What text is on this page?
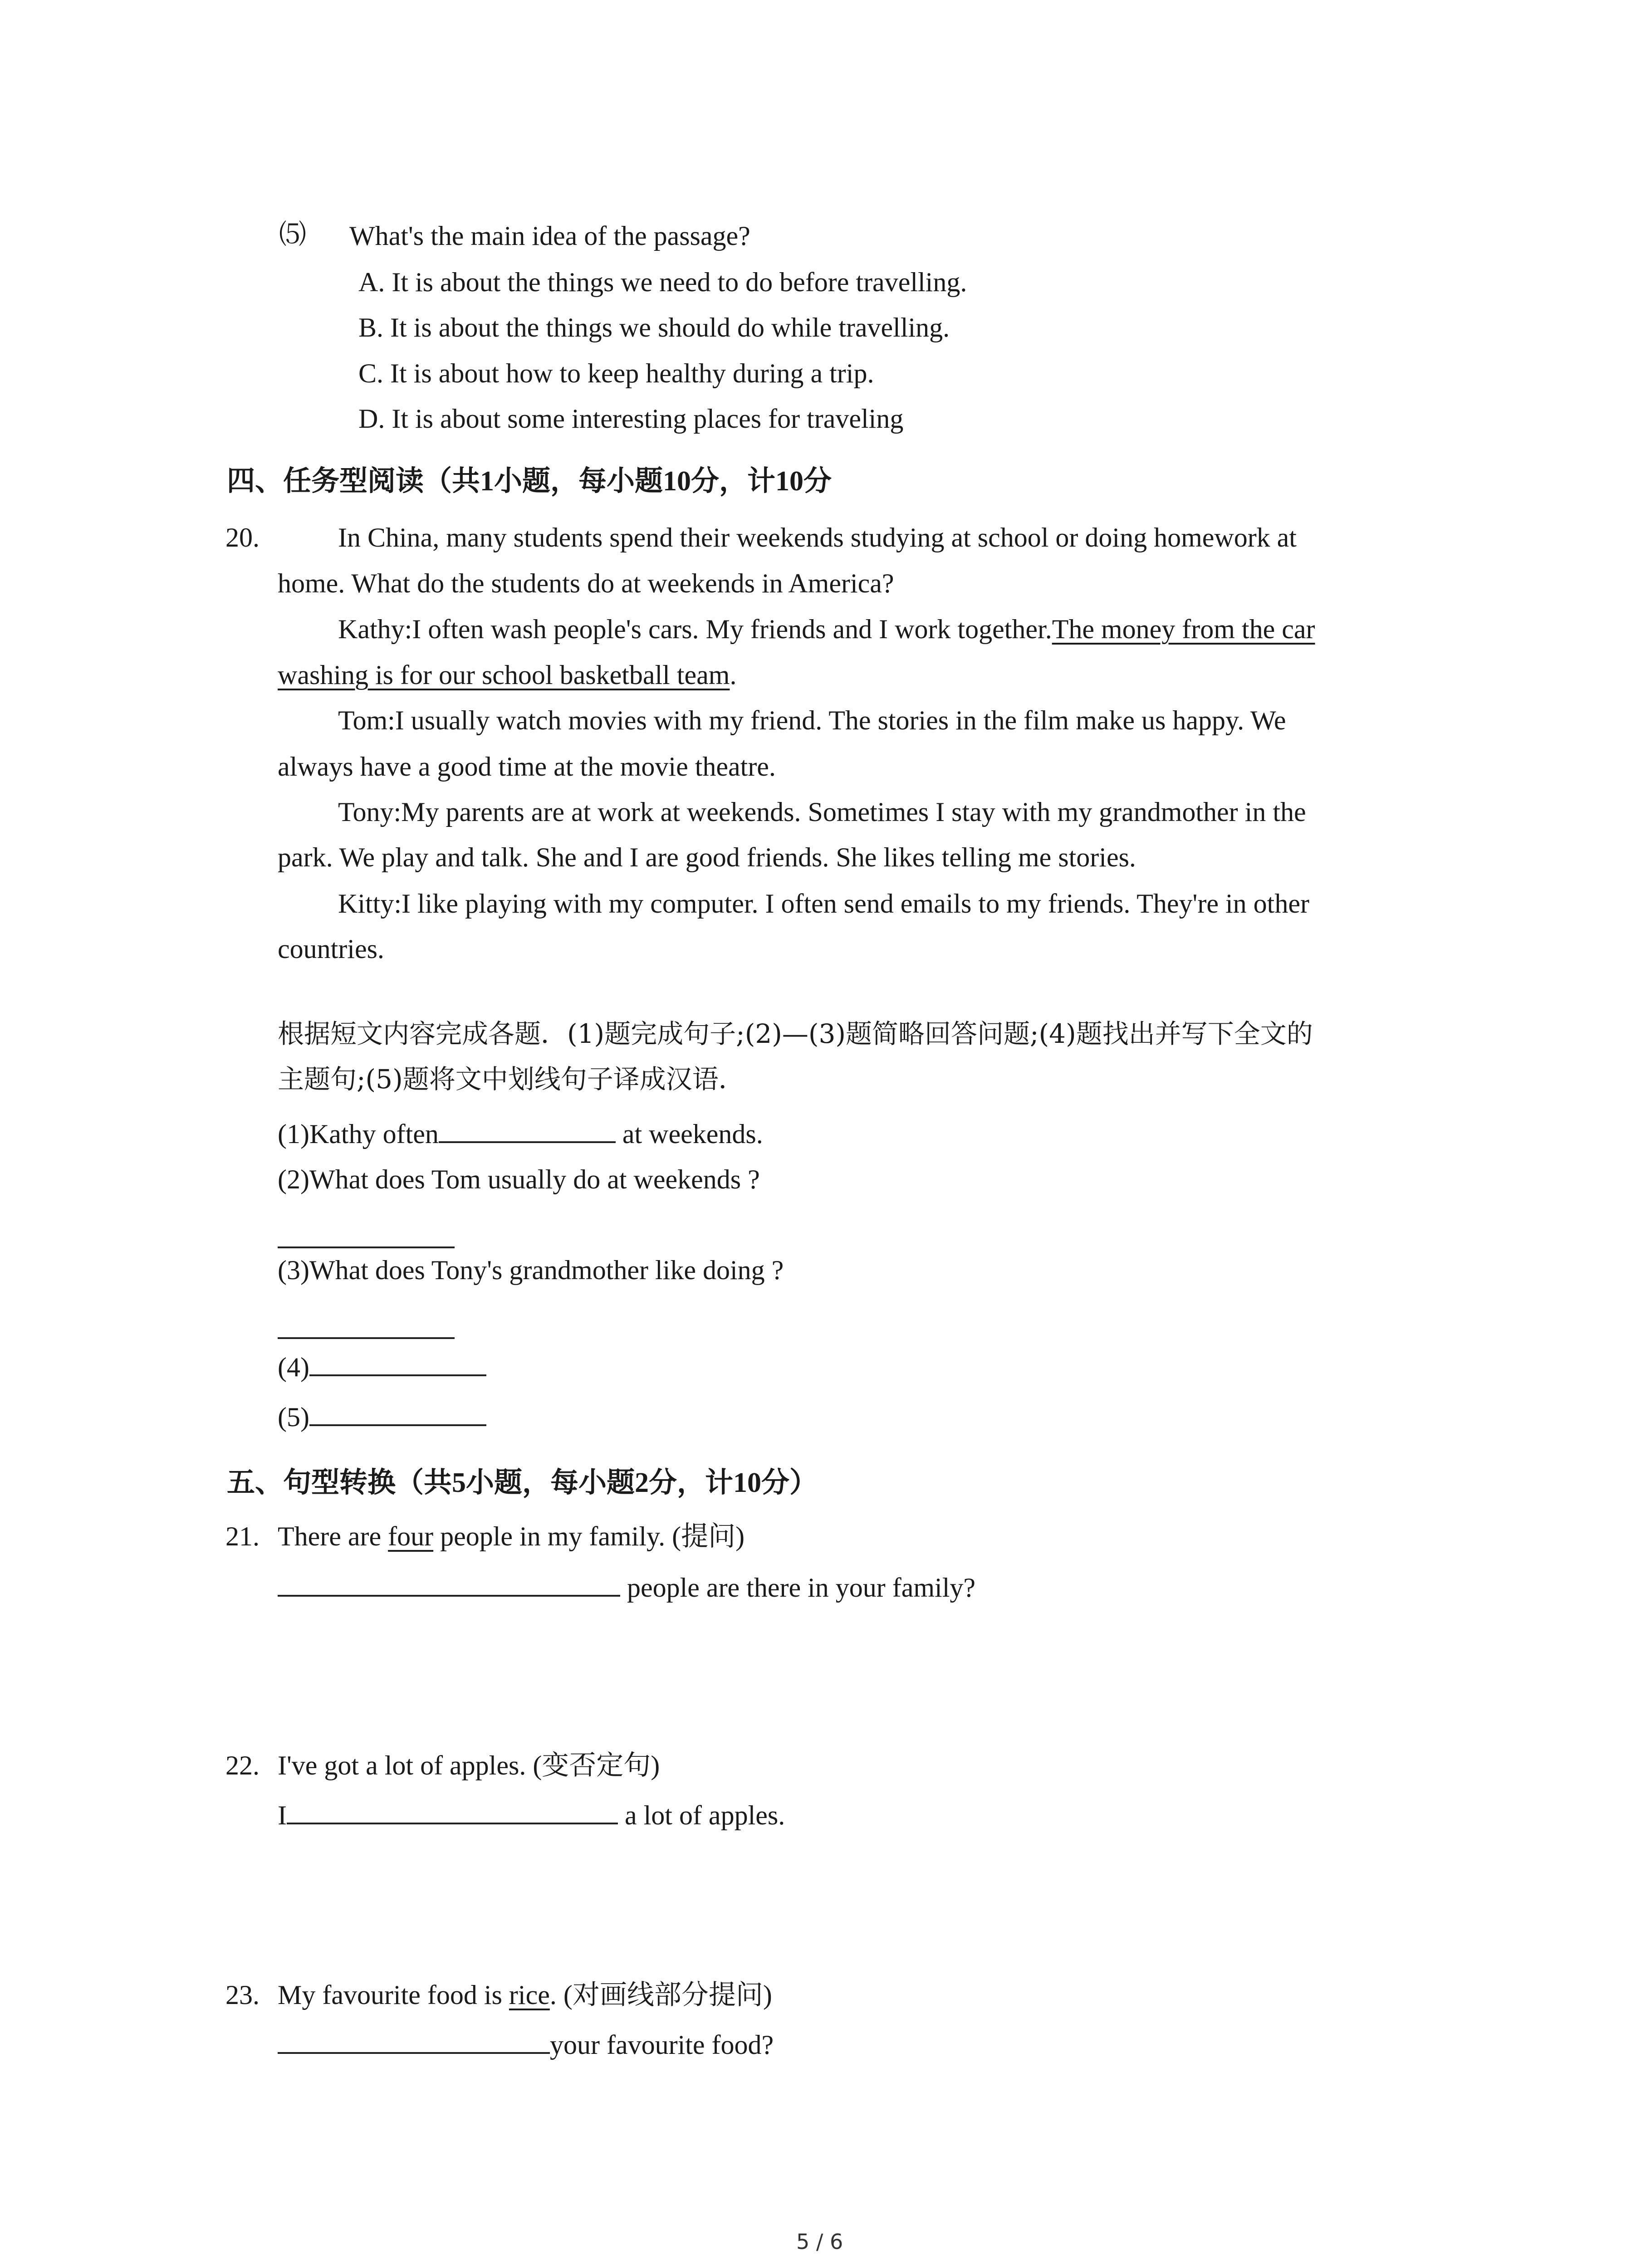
⑸ What's the main idea of the passage?
A. It is about the things we need to do before travelling.
B. It is about the things we should do while travelling.
C. It is about how to keep healthy during a trip.
D. It is about some interesting places for traveling
四、任务型阅读（共1小题，每小题10分，计10分
20.	In China, many students spend their weekends studying at school or doing homework at
home. What do the students do at weekends in America?
Kathy:I often wash people's cars. My friends and I work together.The money from the car
washing is for our school basketball team.
Tom:I usually watch movies with my friend. The stories in the film make us happy. We
always have a good time at the movie theatre.
Tony:My parents are at work at weekends. Sometimes I stay with my grandmother in the
park. We play and talk. She and I are good friends. She likes telling me stories.
Kitty:I like playing with my computer. I often send emails to my friends. They're in other
countries.
根据短文内容完成各题．(1)题完成句子;(2)—(3)题简略回答问题;(4)题找出并写下全文的
主题句;(5)题将文中划线句子译成汉语．
(1)Kathy often	at weekends.
(2)What does Tom usually do at weekends ?
(3)What does Tony's grandmother like doing ?
(4)
(5)
五、句型转换（共5小题，每小题2分，计10分）
21. There are four people in my family. (提问)
people are there in your family?
22. I've got a lot of apples. (变否定句)
I	a lot of apples.
23. My favourite food is rice. (对画线部分提问)
your favourite food?
5 / 6
